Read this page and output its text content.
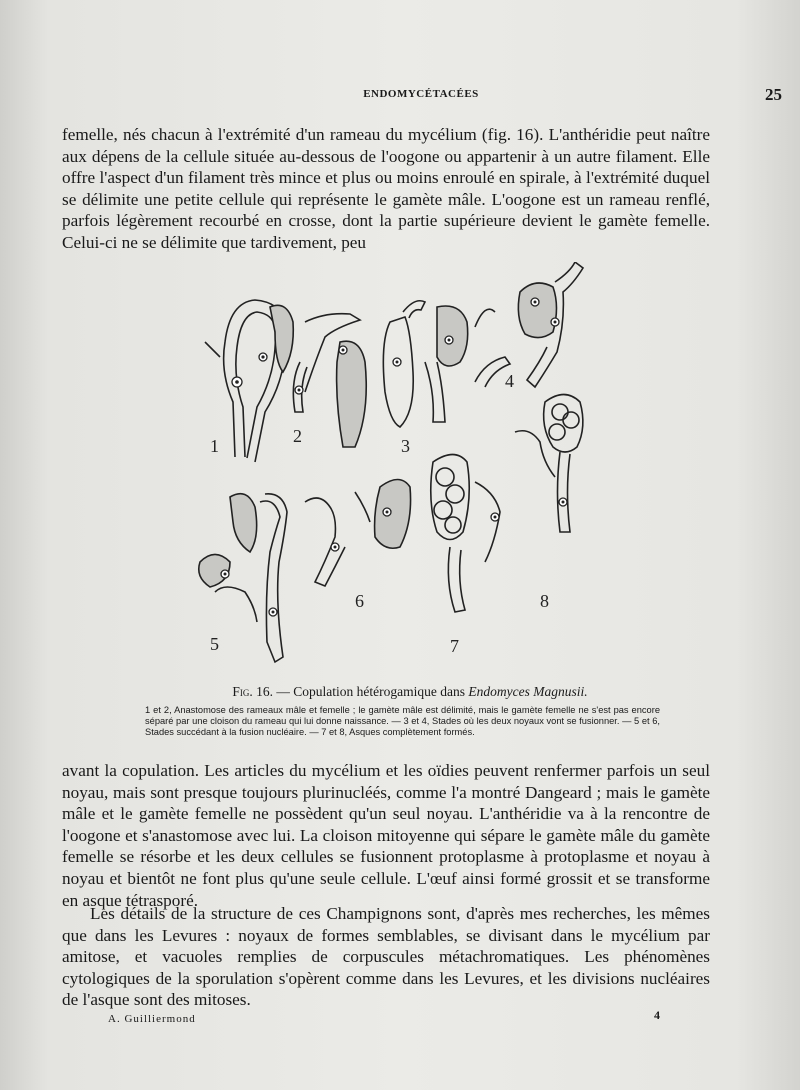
ENDOMYCÉTACÉES	25

femelle, nés chacun à l'extrémité d'un rameau du mycélium (fig. 16). L'anthéridie peut naître aux dépens de la cellule située au-dessous de l'oogone ou appartenir à un autre filament. Elle offre l'aspect d'un filament très mince et plus ou moins enroulé en spirale, à l'extrémité duquel se délimite une petite cellule qui représente le gamète mâle. L'oogone est un rameau renflé, parfois légèrement recourbé en crosse, dont la partie supérieure devient le gamète femelle. Celui-ci ne se délimite que tardivement, peu

1	2	3
4
5
6
7
8
Fig. 16. — Copulation hétérogamique dans Endomyces Magnusii.

1 et 2, Anastomose des rameaux mâle et femelle ; le gamète mâle est délimité, mais le gamète femelle ne s'est pas encore séparé par une cloison du rameau qui lui donne naissance. — 3 et 4, Stades où les deux noyaux vont se fusionner. — 5 et 6, Stades succédant à la fusion nucléaire. — 7 et 8, Asques complètement formés.

avant la copulation. Les articles du mycélium et les oïdies peuvent renfermer parfois un seul noyau, mais sont presque toujours plurinucléés, comme l'a montré Dangeard ; mais le gamète mâle et le gamète femelle ne possèdent qu'un seul noyau. L'anthéridie va à la rencontre de l'oogone et s'anastomose avec lui. La cloison mitoyenne qui sépare le gamète mâle du gamète femelle se résorbe et les deux cellules se fusionnent protoplasme à protoplasme et noyau à noyau et bientôt ne font plus qu'une seule cellule. L'œuf ainsi formé grossit et se transforme en asque tétrasporé.

Les détails de la structure de ces Champignons sont, d'après mes recherches, les mêmes que dans les Levures : noyaux de formes semblables, se divisant dans le mycélium par amitose, et vacuoles remplies de corpuscules métachromatiques. Les phénomènes cytologiques de la sporulation s'opèrent comme dans les Levures, et les divisions nucléaires de l'asque sont des mitoses.

A. Guilliermond	4
